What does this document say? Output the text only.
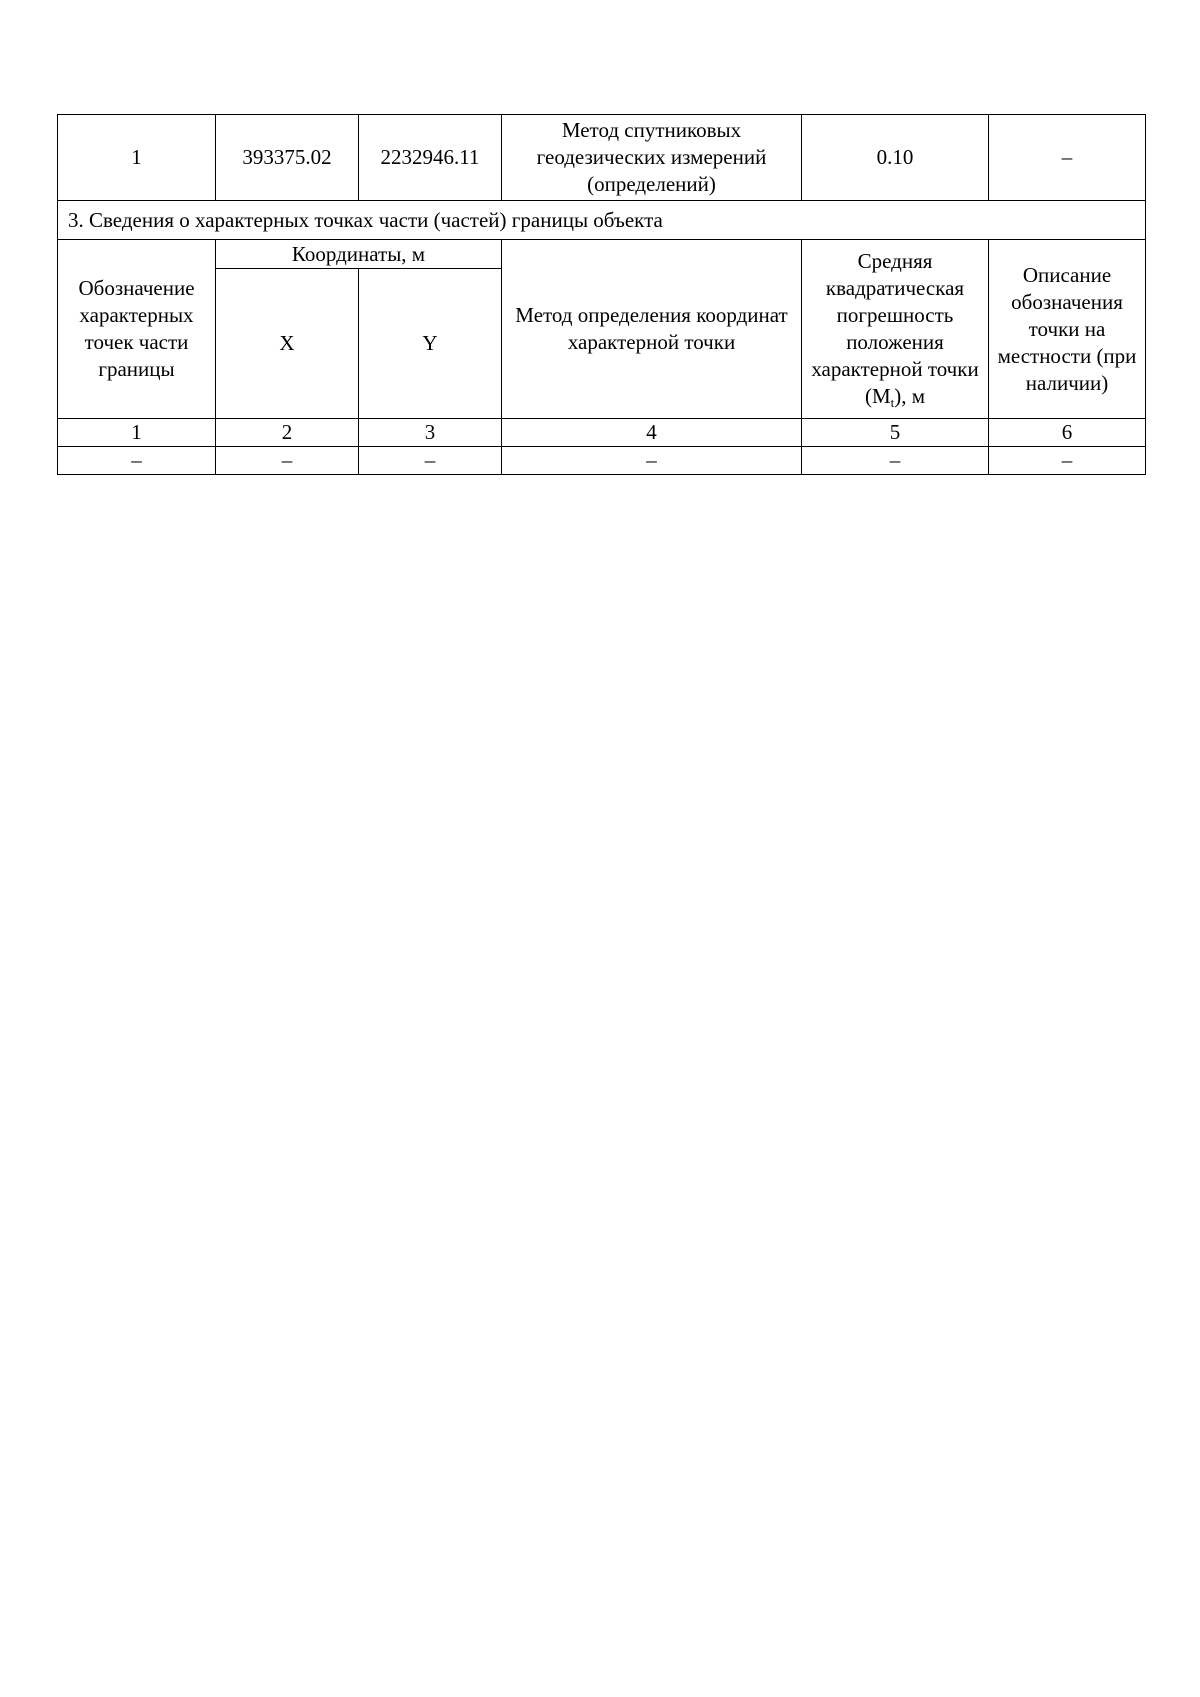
1	393375.02	2232946.11	Метод спутниковых геодезических измерений (определений)	0.10	–
3. Сведения о характерных точках части (частей) границы объекта					
Обозначение характерных точек части границы	Координаты, м		Метод определения координат характерной точки	Средняя квадратическая погрешность положения характерной точки $(M_t)$, м	Описание обозначения точки на местности (при наличии)
	X	Y			
1	2	3	4	5	6
–	–	–	–	–	–
